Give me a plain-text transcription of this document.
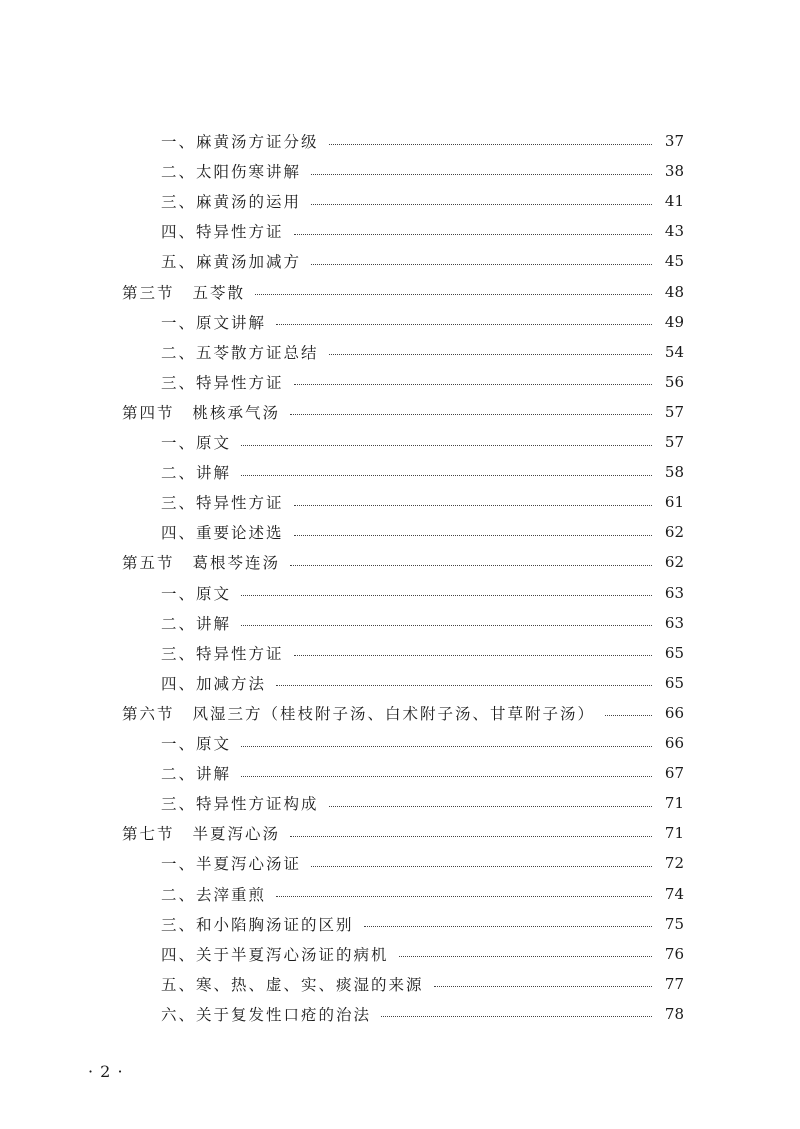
一、麻黄汤方证分级	37
二、太阳伤寒讲解	38
三、麻黄汤的运用	41
四、特异性方证	43
五、麻黄汤加减方	45
第三节 五苓散	48
一、原文讲解	49
二、五苓散方证总结	54
三、特异性方证	56
第四节 桃核承气汤	57
一、原文	57
二、讲解	58
三、特异性方证	61
四、重要论述选	62
第五节 葛根芩连汤	62
一、原文	63
二、讲解	63
三、特异性方证	65
四、加减方法	65
第六节 风湿三方（桂枝附子汤、白术附子汤、甘草附子汤）	66
一、原文	66
二、讲解	67
三、特异性方证构成	71
第七节 半夏泻心汤	71
一、半夏泻心汤证	72
二、去滓重煎	74
三、和小陷胸汤证的区别	75
四、关于半夏泻心汤证的病机	76
五、寒、热、虚、实、痰湿的来源	77
六、关于复发性口疮的治法	78
· 2 ·
